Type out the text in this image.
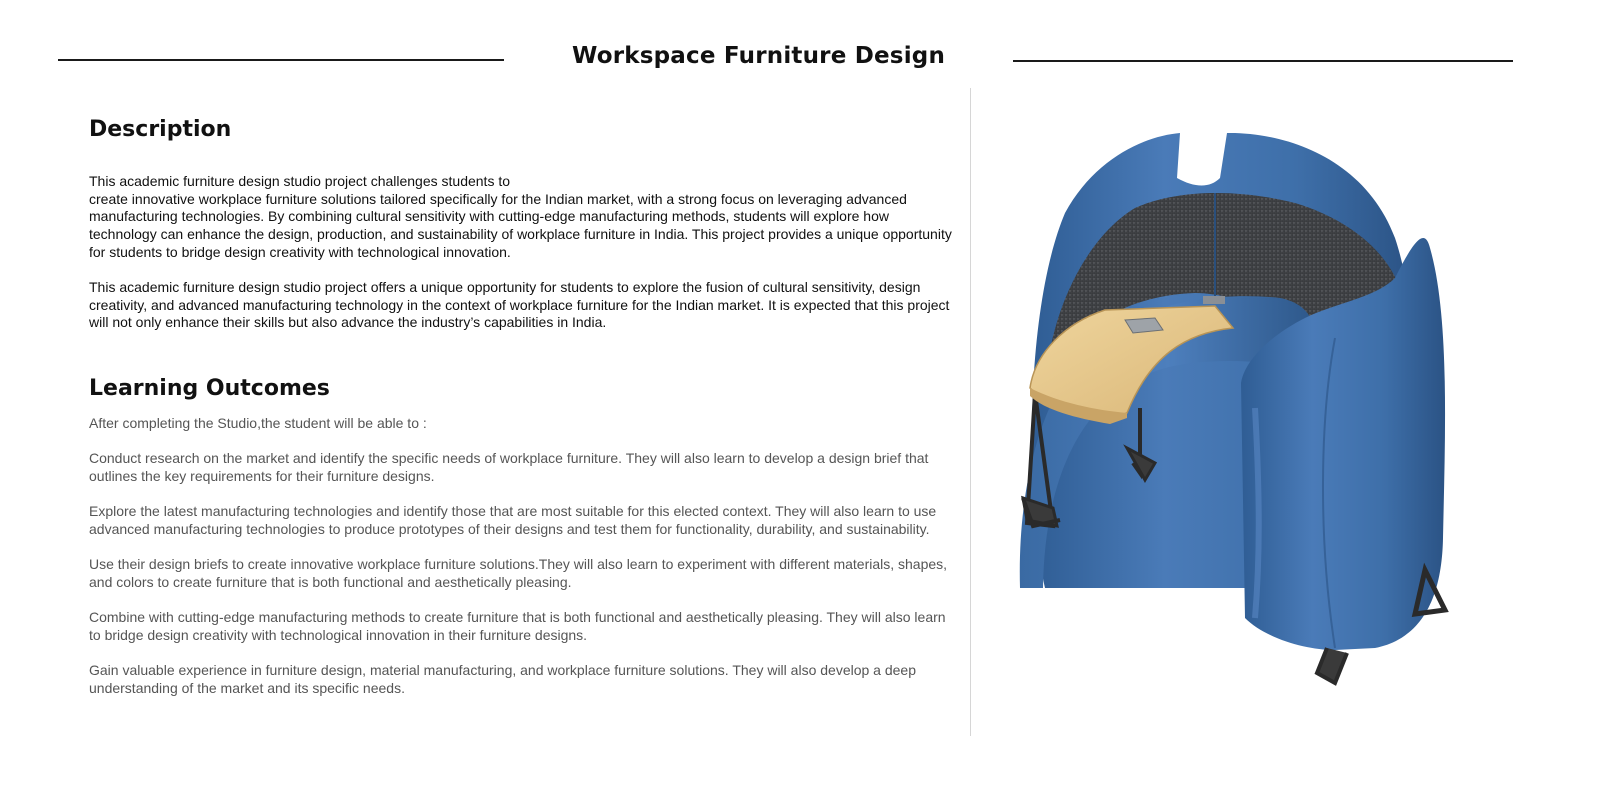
Workspace Furniture Design
Description

This academic furniture design studio project challenges students to
create innovative workplace furniture solutions tailored specifically for the Indian market, with a strong focus on leveraging advanced
manufacturing technologies. By combining cultural sensitivity with cutting-edge manufacturing methods, students will explore how
technology can enhance the design, production, and sustainability of workplace furniture in India. This project provides a unique opportunity
for students to bridge design creativity with technological innovation.

This academic furniture design studio project offers a unique opportunity for students to explore the fusion of cultural sensitivity, design
creativity, and advanced manufacturing technology in the context of workplace furniture for the Indian market. It is expected that this project
will not only enhance their skills but also advance the industry’s capabilities in India.

Learning Outcomes

After completing the Studio,the student will be able to :

Conduct research on the market and identify the specific needs of workplace furniture. They will also learn to develop a design brief that
outlines the key requirements for their furniture designs.

Explore the latest manufacturing technologies and identify those that are most suitable for this elected context. They will also learn to use
advanced manufacturing technologies to produce prototypes of their designs and test them for functionality, durability, and sustainability.

Use their design briefs to create innovative workplace furniture solutions.They will also learn to experiment with different materials, shapes,
and colors to create furniture that is both functional and aesthetically pleasing.

Combine with cutting-edge manufacturing methods to create furniture that is both functional and aesthetically pleasing. They will also learn
to bridge design creativity with technological innovation in their furniture designs.

Gain valuable experience in furniture design, material manufacturing, and workplace furniture solutions. They will also develop a deep
understanding of the market and its specific needs.
